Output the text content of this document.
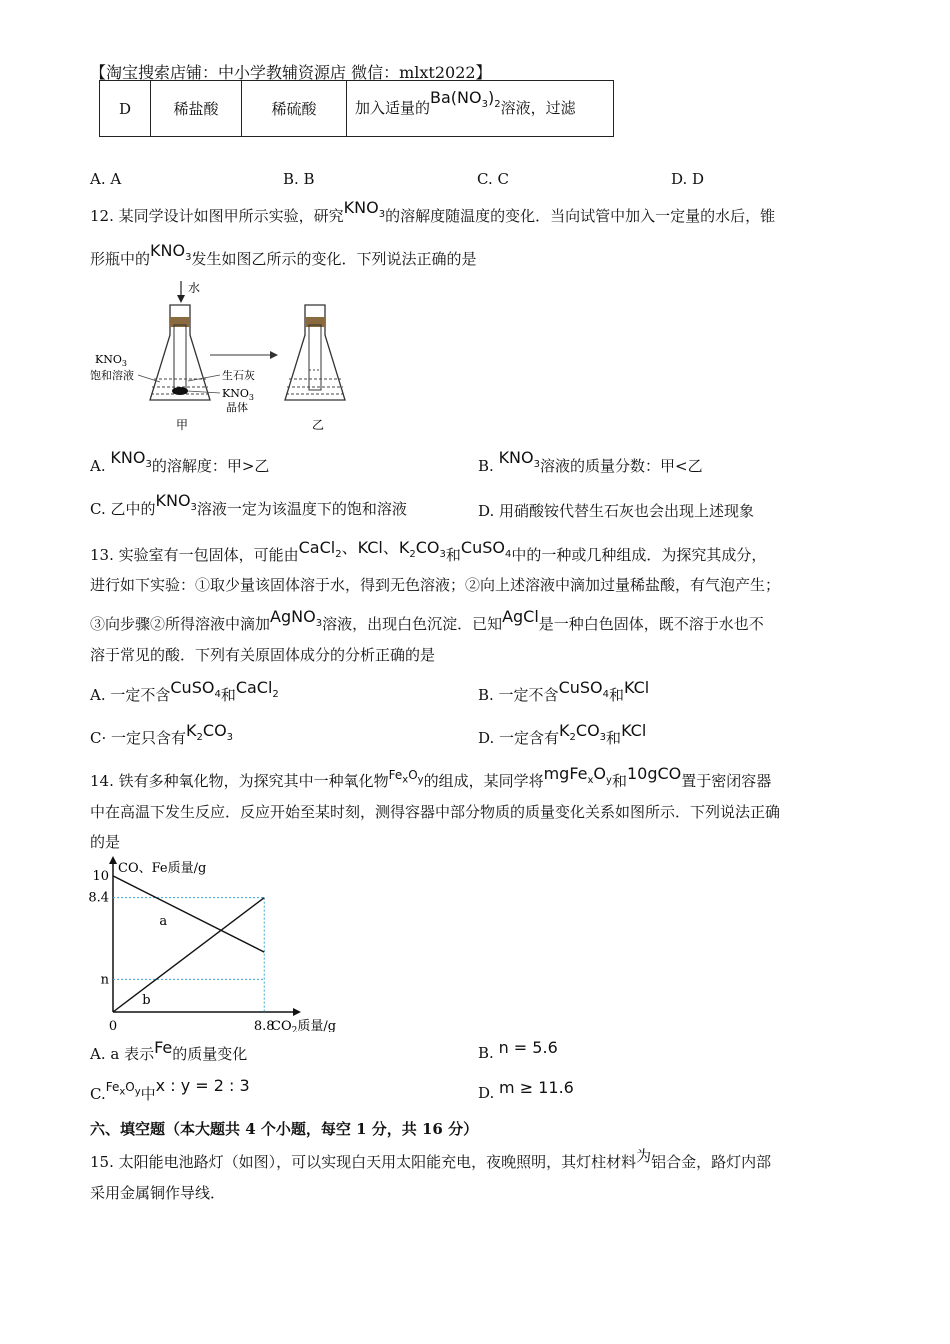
【淘宝搜索店铺：中小学教辅资源店 微信：mlxt2022】
D	稀盐酸	稀硫酸	加入适量的$Ba(NO_3)_2$溶液，过滤
A. A	B. B	C. C	D. D
12. 某同学设计如图甲所示实验，研究$KNO_3$的溶解度随温度的变化．当向试管中加入一定量的水后，锥
形瓶中的$KNO_3$发生如图乙所示的变化．下列说法正确的是
水
$KNO_3$
饱和溶液	生石灰
$KNO_3$
晶体
甲	乙
A. $KNO_3$的溶解度：甲>乙	B. $KNO_3$溶液的质量分数：甲<乙
C. 乙中的$KNO_3$溶液一定为该温度下的饱和溶液	D. 用硝酸铵代替生石灰也会出现上述现象
13. 实验室有一包固体，可能由CaCl$_2$、KCl、$K_2CO_3$和CuSO$_4$中的一种或几种组成．为探究其成分，
进行如下实验：①取少量该固体溶于水，得到无色溶液；②向上述溶液中滴加过量稀盐酸，有气泡产生；
③向步骤②所得溶液中滴加AgNO$_3$溶液，出现白色沉淀．已知AgCl是一种白色固体，既不溶于水也不
溶于常见的酸．下列有关原固体成分的分析正确的是
A. 一定不含CuSO$_4$和CaCl$_2$	B. 一定不含CuSO$_4$和KCl
C· 一定只含有$K_2CO_3$	D. 一定含有$K_2CO_3$和KCl
14. 铁有多种氧化物，为探究其中一种氧化物$^{Fe_xO_y}$的组成，某同学将$mgFe_xO_y$和10gCO置于密闭容器
中在高温下发生反应．反应开始至某时刻，测得容器中部分物质的质量变化关系如图所示．下列说法正确
的是
a
b
10
8.4
n
0	8.8
CO、Fe质量/g
$CO_2$质量/g
A. a 表示Fe的质量变化	B. n = 5.6
C.$^{Fe_xO_y}$中x : y = 2 : 3	D. m ≥ 11.6
六、填空题（本大题共 4 个小题，每空 1 分，共 16 分）
15. 太阳能电池路灯（如图），可以实现白天用太阳能充电，夜晚照明，其灯柱材料为铝合金，路灯内部
采用金属铜作导线．
